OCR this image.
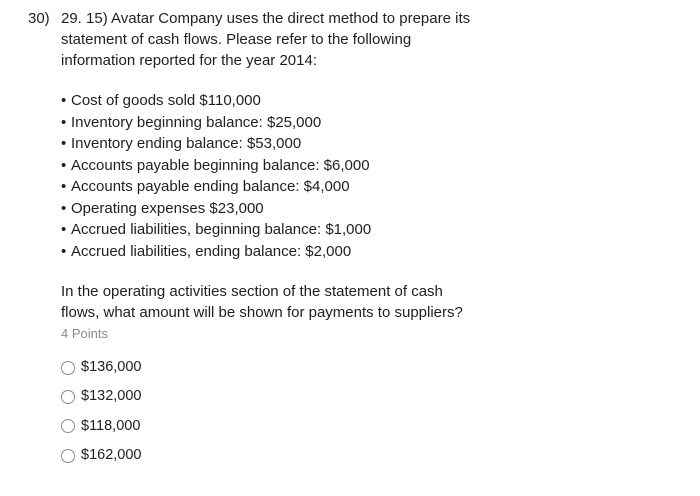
30) 29. 15) Avatar Company uses the direct method to prepare its statement of cash flows. Please refer to the following information reported for the year 2014:

• Cost of goods sold $110,000
• Inventory beginning balance: $25,000
• Inventory ending balance: $53,000
• Accounts payable beginning balance: $6,000
• Accounts payable ending balance: $4,000
• Operating expenses $23,000
• Accrued liabilities, beginning balance: $1,000
• Accrued liabilities, ending balance: $2,000

In the operating activities section of the statement of cash flows, what amount will be shown for payments to suppliers?

4 Points

$136,000
$132,000
$118,000
$162,000
